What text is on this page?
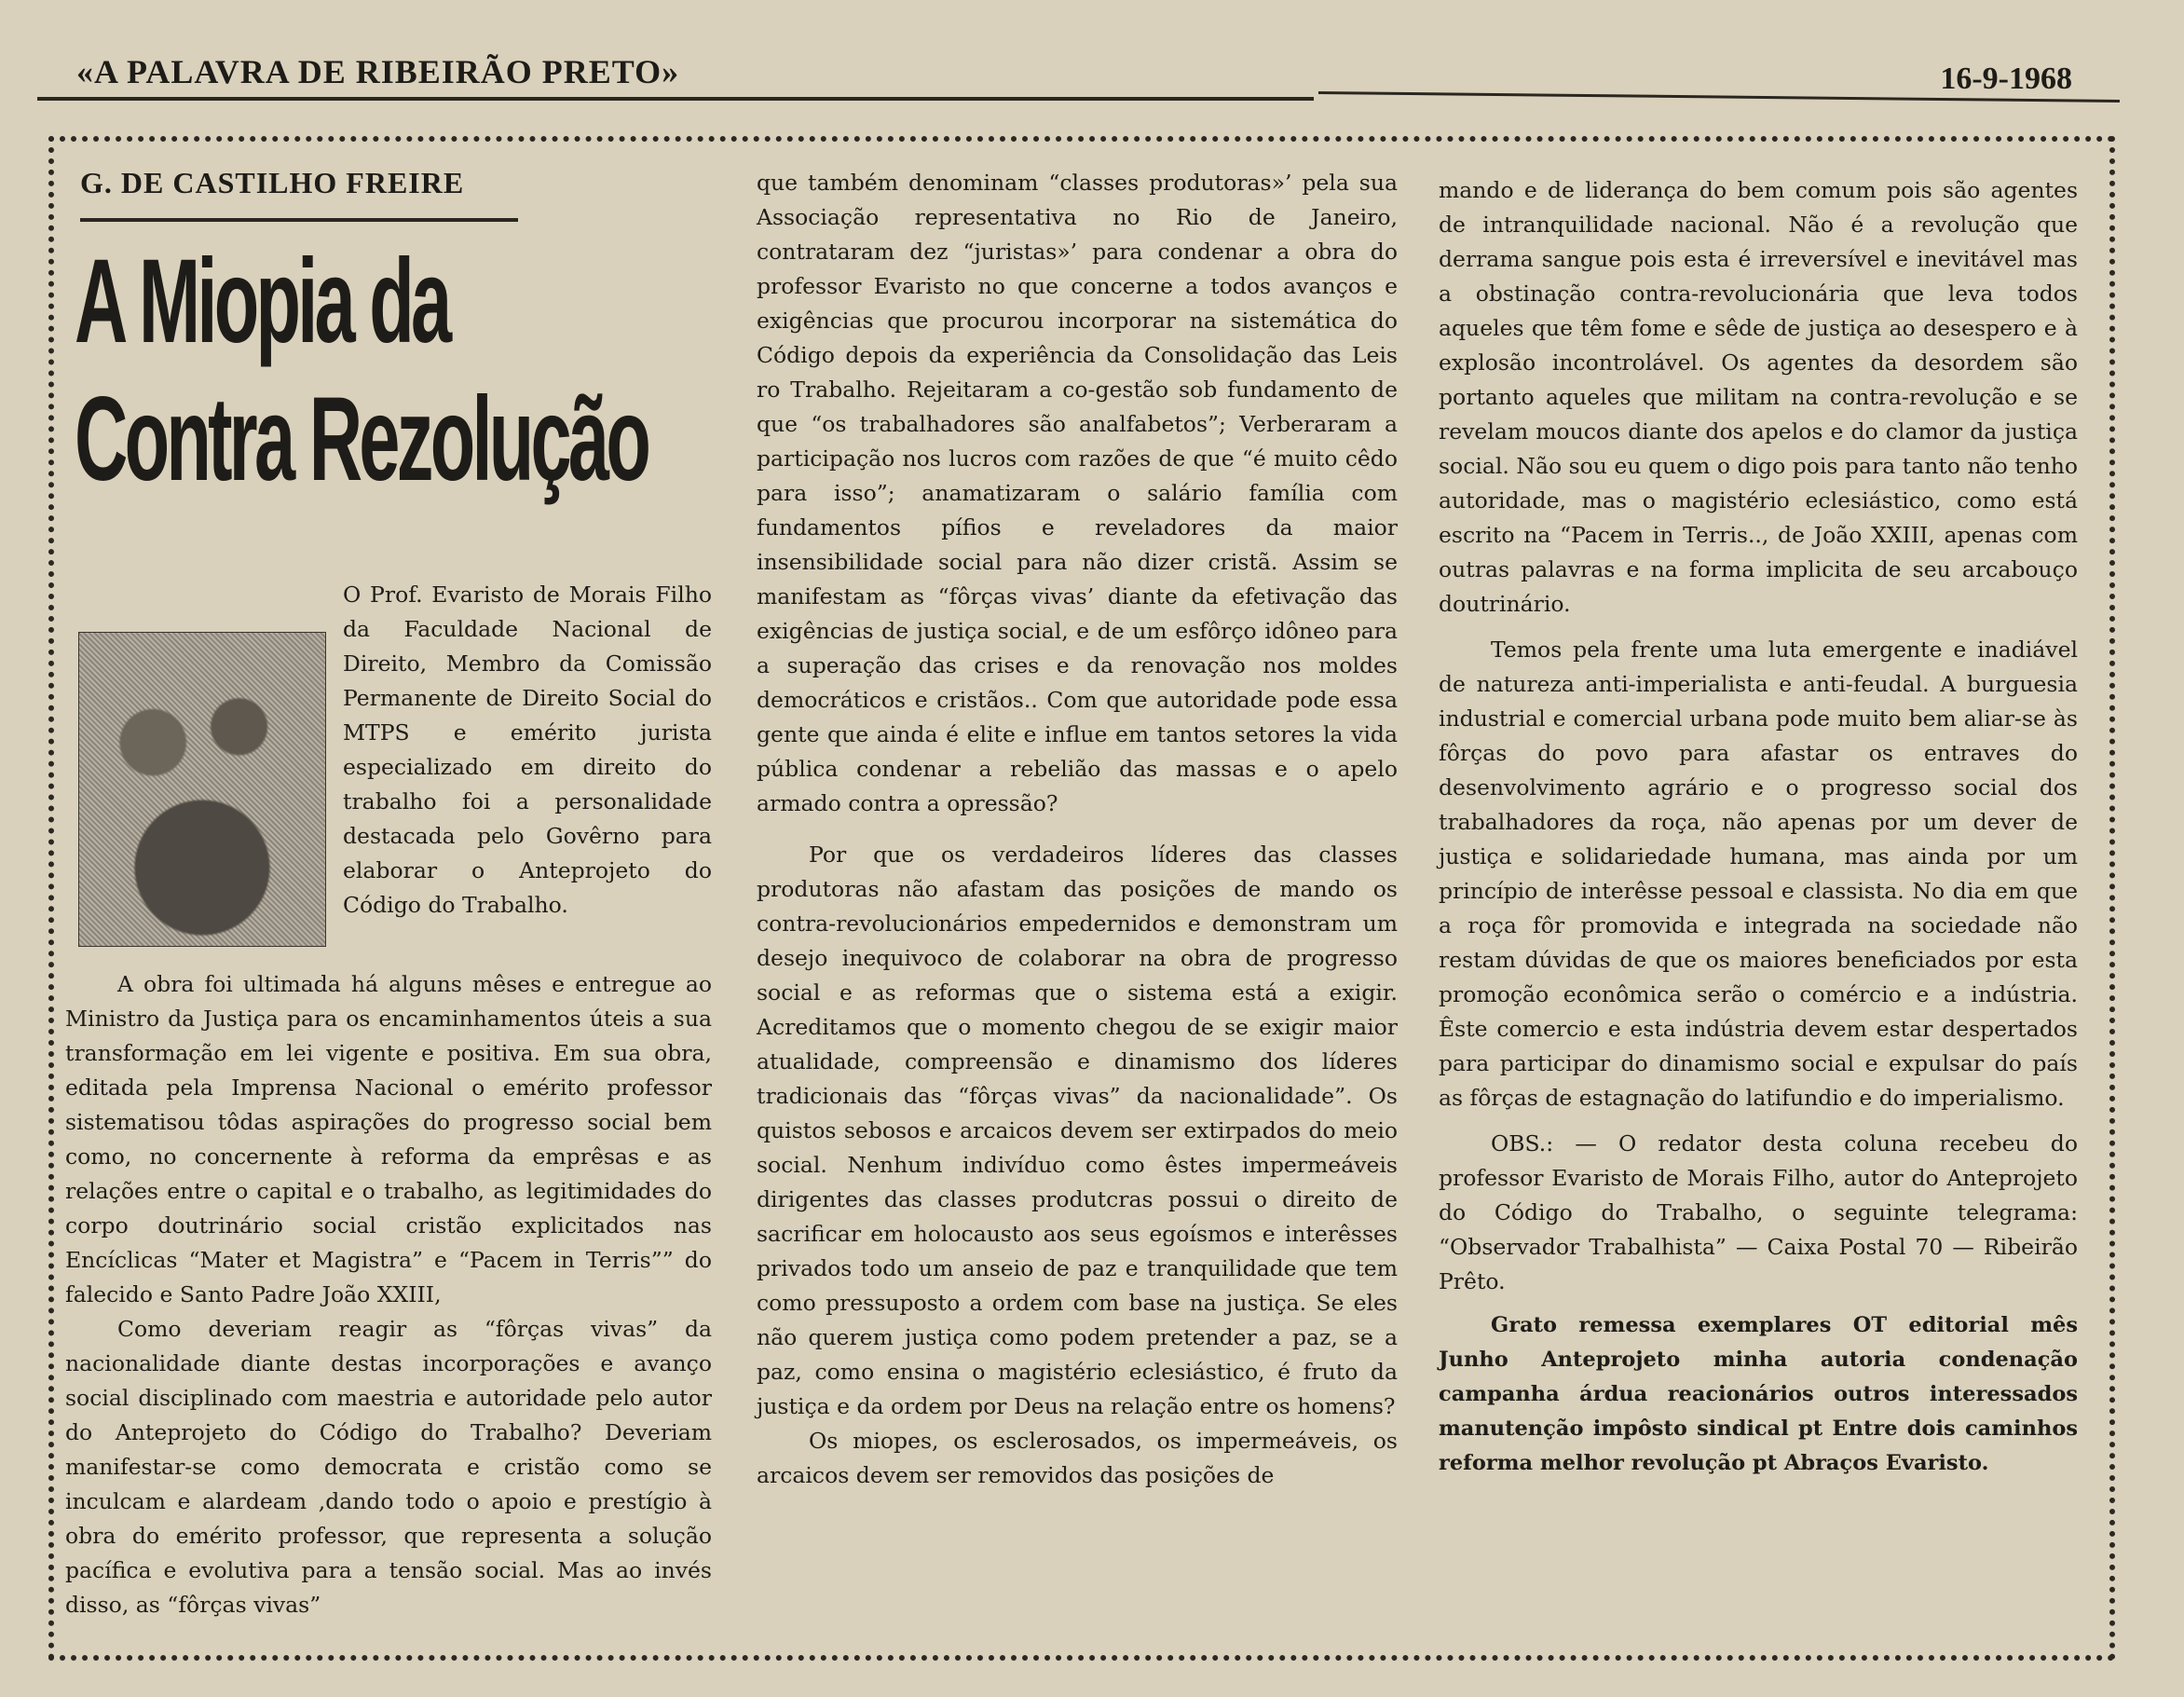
«A PALAVRA DE RIBEIRÃO PRETO»	16-9-1968
G. DE CASTILHO FREIRE
A Miopia da
Contra Rezolução

O Prof. Evaristo de Morais Filho da Faculdade Nacional de Direito, Membro da Comissão Permanente de Direito Social do MTPS e emérito jurista especializado em direito do trabalho foi a personalidade destacada pelo Govêrno para elaborar o Anteprojeto do Código do Trabalho.

A obra foi ultimada há alguns mêses e entregue ao Ministro da Justiça para os encaminhamentos úteis a sua transformação em lei vigente e positiva. Em sua obra, editada pela Imprensa Nacional o emérito professor sistematisou tôdas aspirações do progresso social bem como, no concernente à reforma da emprêsas e as relações entre o capital e o trabalho, as legitimidades do corpo doutrinário social cristão explicitados nas Encíclicas “Mater et Magistra” e “Pacem in Terris”” do falecido e Santo Padre João XXIII,

Como deveriam reagir as “fôrças vivas” da nacionalidade diante destas incorporações e avanço social disciplinado com maestria e autoridade pelo autor do Anteprojeto do Código do Trabalho? Deveriam manifestar-se como democrata e cristão como se inculcam e alardeam ,dando todo o apoio e prestígio à obra do emérito professor, que representa a solução pacífica e evolutiva para a tensão social. Mas ao invés disso, as “fôrças vivas”

que também denominam “classes produtoras»’ pela sua Associação representativa no Rio de Janeiro, contrataram dez “juristas»’ para condenar a obra do professor Evaristo no que concerne a todos avanços e exigências que procurou incorporar na sistemática do Código depois da experiência da Consolidação das Leis ro Trabalho. Rejeitaram a co-gestão sob fundamento de que “os trabalhadores são analfabetos”; Verberaram a participação nos lucros com razões de que “é muito cêdo para isso”; anamatizaram o salário família com fundamentos pífios e reveladores da maior insensibilidade social para não dizer cristã. Assim se manifestam as “fôrças vivas’ diante da efetivação das exigências de justiça social, e de um esfôrço idôneo para a superação das crises e da renovação nos moldes democráticos e cristãos.. Com que autoridade pode essa gente que ainda é elite e influe em tantos setores la vida pública condenar a rebelião das massas e o apelo armado contra a opressão?

Por que os verdadeiros líderes das classes produtoras não afastam das posições de mando os contra-revolucionários empedernidos e demonstram um desejo inequivoco de colaborar na obra de progresso social e as reformas que o sistema está a exigir. Acreditamos que o momento chegou de se exigir maior atualidade, compreensão e dinamismo dos líderes tradicionais das “fôrças vivas” da nacionalidade”. Os quistos sebosos e arcaicos devem ser extirpados do meio social. Nenhum indivíduo como êstes impermeáveis dirigentes das classes produtcras possui o direito de sacrificar em holocausto aos seus egoísmos e interêsses privados todo um anseio de paz e tranquilidade que tem como pressuposto a ordem com base na justiça. Se eles não querem justiça como podem pretender a paz, se a paz, como ensina o magistério eclesiástico, é fruto da justiça e da ordem por Deus na relação entre os homens?

Os miopes, os esclerosados, os impermeáveis, os arcaicos devem ser removidos das posições de

mando e de liderança do bem comum pois são agentes de intranquilidade nacional. Não é a revolução que derrama sangue pois esta é irreversível e inevitável mas a obstinação contra-revolucionária que leva todos aqueles que têm fome e sêde de justiça ao desespero e à explosão incontrolável. Os agentes da desordem são portanto aqueles que militam na contra-revolução e se revelam moucos diante dos apelos e do clamor da justiça social. Não sou eu quem o digo pois para tanto não tenho autoridade, mas o magistério eclesiástico, como está escrito na “Pacem in Terris.., de João XXIII, apenas com outras palavras e na forma implicita de seu arcabouço doutrinário.

Temos pela frente uma luta emergente e inadiável de natureza anti-imperialista e anti-feudal. A burguesia industrial e comercial urbana pode muito bem aliar-se às fôrças do povo para afastar os entraves do desenvolvimento agrário e o progresso social dos trabalhadores da roça, não apenas por um dever de justiça e solidariedade humana, mas ainda por um princípio de interêsse pessoal e classista. No dia em que a roça fôr promovida e integrada na sociedade não restam dúvidas de que os maiores beneficiados por esta promoção econômica serão o comércio e a indústria. Êste comercio e esta indústria devem estar despertados para participar do dinamismo social e expulsar do país as fôrças de estagnação do latifundio e do imperialismo.

OBS.: — O redator desta coluna recebeu do professor Evaristo de Morais Filho, autor do Anteprojeto do Código do Trabalho, o seguinte telegrama: “Observador Trabalhista” — Caixa Postal 70 — Ribeirão Prêto.

Grato remessa exemplares OT editorial mês Junho Anteprojeto minha autoria condenação campanha árdua reacionários outros interessados manutenção impôsto sindical pt Entre dois caminhos reforma melhor revolução pt Abraços Evaristo.
